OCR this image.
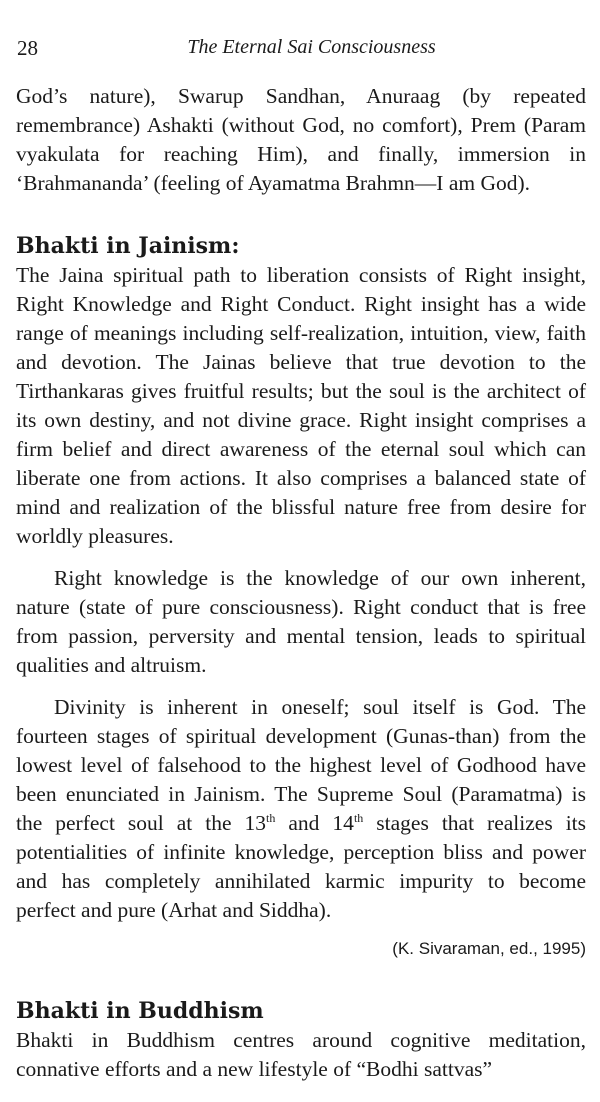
28	The Eternal Sai Consciousness

God’s nature), Swarup Sandhan, Anuraag (by repeated remembrance) Ashakti (without God, no comfort), Prem (Param vyakulata for reaching Him), and finally, immersion in ‘Brahmananda’ (feeling of Ayamatma Brahmn—I am God).

Bhakti in Jainism:

The Jaina spiritual path to liberation consists of Right insight, Right Knowledge and Right Conduct. Right insight has a wide range of meanings including self-realization, intuition, view, faith and devotion. The Jainas believe that true devotion to the Tirthankaras gives fruitful results; but the soul is the architect of its own destiny, and not divine grace. Right insight comprises a firm belief and direct awareness of the eternal soul which can liberate one from actions. It also comprises a balanced state of mind and realization of the blissful nature free from desire for worldly pleasures.

Right knowledge is the knowledge of our own inherent, nature (state of pure consciousness). Right conduct that is free from passion, perversity and mental tension, leads to spiritual qualities and altruism.

Divinity is inherent in oneself; soul itself is God. The fourteen stages of spiritual development (Gunas-than) from the lowest level of falsehood to the highest level of Godhood have been enunciated in Jainism. The Supreme Soul (Paramatma) is the perfect soul at the 13th and 14th stages that realizes its potentialities of infinite knowledge, perception bliss and power and has completely annihilated karmic impurity to become perfect and pure (Arhat and Siddha).

(K. Sivaraman, ed., 1995)

Bhakti in Buddhism

Bhakti in Buddhism centres around cognitive meditation, connative efforts and a new lifestyle of “Bodhi sattvas”
